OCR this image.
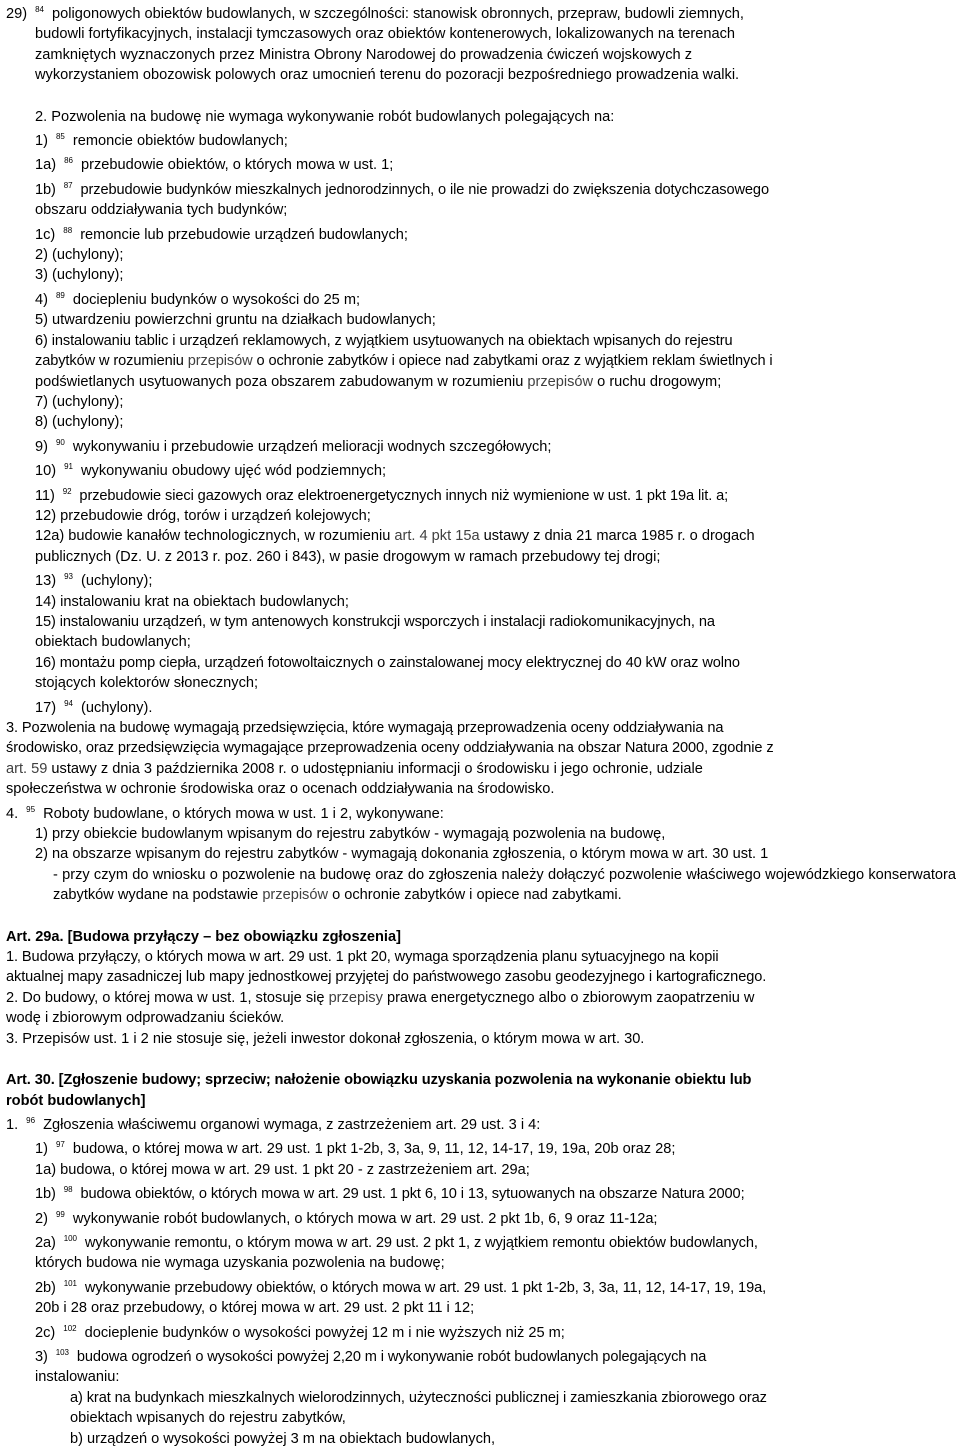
29) $^{84}$ poligonowych obiektów budowlanych, w szczególności: stanowisk obronnych, przepraw, budowli ziemnych,
budowli fortyfikacyjnych, instalacji tymczasowych oraz obiektów kontenerowych, lokalizowanych na terenach
zamkniętych wyznaczonych przez Ministra Obrony Narodowej do prowadzenia ćwiczeń wojskowych z
wykorzystaniem obozowisk polowych oraz umocnień terenu do pozoracji bezpośredniego prowadzenia walki.
2. Pozwolenia na budowę nie wymaga wykonywanie robót budowlanych polegających na:
1) $^{85}$ remoncie obiektów budowlanych;
1a) $^{86}$ przebudowie obiektów, o których mowa w ust. 1;
1b) $^{87}$ przebudowie budynków mieszkalnych jednorodzinnych, o ile nie prowadzi do zwiększenia dotychczasowego
obszaru oddziaływania tych budynków;
1c) $^{88}$ remoncie lub przebudowie urządzeń budowlanych;
2) (uchylony);
3) (uchylony);
4) $^{89}$ dociepleniu budynków o wysokości do 25 m;
5) utwardzeniu powierzchni gruntu na działkach budowlanych;
6) instalowaniu tablic i urządzeń reklamowych, z wyjątkiem usytuowanych na obiektach wpisanych do rejestru
zabytków w rozumieniu przepisów o ochronie zabytków i opiece nad zabytkami oraz z wyjątkiem reklam świetlnych i
podświetlanych usytuowanych poza obszarem zabudowanym w rozumieniu przepisów o ruchu drogowym;
7) (uchylony);
8) (uchylony);
9) $^{90}$ wykonywaniu i przebudowie urządzeń melioracji wodnych szczegółowych;
10) $^{91}$ wykonywaniu obudowy ujęć wód podziemnych;
11) $^{92}$ przebudowie sieci gazowych oraz elektroenergetycznych innych niż wymienione w ust. 1 pkt 19a lit. a;
12) przebudowie dróg, torów i urządzeń kolejowych;
12a) budowie kanałów technologicznych, w rozumieniu art. 4 pkt 15a ustawy z dnia 21 marca 1985 r. o drogach
publicznych (Dz. U. z 2013 r. poz. 260 i 843), w pasie drogowym w ramach przebudowy tej drogi;
13) $^{93}$ (uchylony);
14) instalowaniu krat na obiektach budowlanych;
15) instalowaniu urządzeń, w tym antenowych konstrukcji wsporczych i instalacji radiokomunikacyjnych, na
obiektach budowlanych;
16) montażu pomp ciepła, urządzeń fotowoltaicznych o zainstalowanej mocy elektrycznej do 40 kW oraz wolno
stojących kolektorów słonecznych;
17) $^{94}$ (uchylony).
3. Pozwolenia na budowę wymagają przedsięwzięcia, które wymagają przeprowadzenia oceny oddziaływania na
środowisko, oraz przedsięwzięcia wymagające przeprowadzenia oceny oddziaływania na obszar Natura 2000, zgodnie z
art. 59 ustawy z dnia 3 października 2008 r. o udostępnianiu informacji o środowisku i jego ochronie, udziale
społeczeństwa w ochronie środowiska oraz o ocenach oddziaływania na środowisko.
4. $^{95}$ Roboty budowlane, o których mowa w ust. 1 i 2, wykonywane:
1) przy obiekcie budowlanym wpisanym do rejestru zabytków - wymagają pozwolenia na budowę,
2) na obszarze wpisanym do rejestru zabytków - wymagają dokonania zgłoszenia, o którym mowa w art. 30 ust. 1
- przy czym do wniosku o pozwolenie na budowę oraz do zgłoszenia należy dołączyć pozwolenie właściwego wojewódzkiego konserwatora zabytków wydane na podstawie przepisów o ochronie zabytków i opiece nad zabytkami.
Art. 29a. [Budowa przyłączy – bez obowiązku zgłoszenia]
1. Budowa przyłączy, o których mowa w art. 29 ust. 1 pkt 20, wymaga sporządzenia planu sytuacyjnego na kopii
aktualnej mapy zasadniczej lub mapy jednostkowej przyjętej do państwowego zasobu geodezyjnego i kartograficznego.
2. Do budowy, o której mowa w ust. 1, stosuje się przepisy prawa energetycznego albo o zbiorowym zaopatrzeniu w
wodę i zbiorowym odprowadzaniu ścieków.
3. Przepisów ust. 1 i 2 nie stosuje się, jeżeli inwestor dokonał zgłoszenia, o którym mowa w art. 30.
Art. 30. [Zgłoszenie budowy; sprzeciw; nałożenie obowiązku uzyskania pozwolenia na wykonanie obiektu lub
robót budowlanych]
1. $^{96}$ Zgłoszenia właściwemu organowi wymaga, z zastrzeżeniem art. 29 ust. 3 i 4:
1) $^{97}$ budowa, o której mowa w art. 29 ust. 1 pkt 1-2b, 3, 3a, 9, 11, 12, 14-17, 19, 19a, 20b oraz 28;
1a) budowa, o której mowa w art. 29 ust. 1 pkt 20 - z zastrzeżeniem art. 29a;
1b) $^{98}$ budowa obiektów, o których mowa w art. 29 ust. 1 pkt 6, 10 i 13, sytuowanych na obszarze Natura 2000;
2) $^{99}$ wykonywanie robót budowlanych, o których mowa w art. 29 ust. 2 pkt 1b, 6, 9 oraz 11-12a;
2a) $^{100}$ wykonywanie remontu, o którym mowa w art. 29 ust. 2 pkt 1, z wyjątkiem remontu obiektów budowlanych,
których budowa nie wymaga uzyskania pozwolenia na budowę;
2b) $^{101}$ wykonywanie przebudowy obiektów, o których mowa w art. 29 ust. 1 pkt 1-2b, 3, 3a, 11, 12, 14-17, 19, 19a,
20b i 28 oraz przebudowy, o której mowa w art. 29 ust. 2 pkt 11 i 12;
2c) $^{102}$ docieplenie budynków o wysokości powyżej 12 m i nie wyższych niż 25 m;
3) $^{103}$ budowa ogrodzeń o wysokości powyżej 2,20 m i wykonywanie robót budowlanych polegających na
instalowaniu:
a) krat na budynkach mieszkalnych wielorodzinnych, użyteczności publicznej i zamieszkania zbiorowego oraz
obiektach wpisanych do rejestru zabytków,
b) urządzeń o wysokości powyżej 3 m na obiektach budowlanych,
